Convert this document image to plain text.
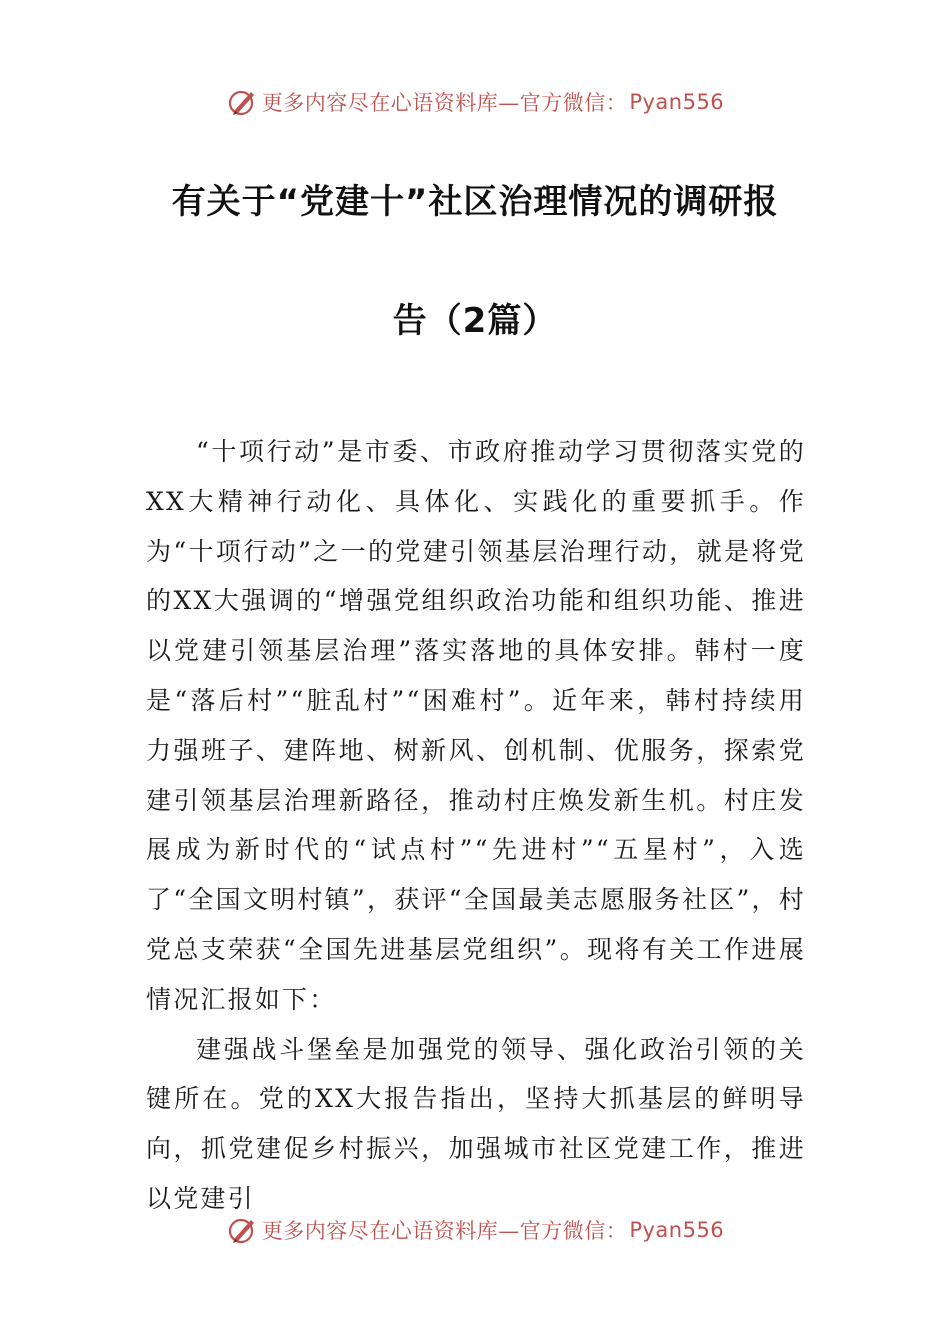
更多内容尽在心语资料库—官方微信： Pyan556
有关于“党建十”社区治理情况的调研报
告（2篇）

“十项行动”是市委、市政府推动学习贯彻落实党的XX大精神行动化、具体化、实践化的重要抓手。作为“十项行动”之一的党建引领基层治理行动，就是将党的XX大强调的“增强党组织政治功能和组织功能、推进以党建引领基层治理”落实落地的具体安排。韩村一度是“落后村”“脏乱村”“困难村”。近年来，韩村持续用力强班子、建阵地、树新风、创机制、优服务，探索党建引领基层治理新路径，推动村庄焕发新生机。村庄发展成为新时代的“试点村”“先进村”“五星村”，入选了“全国文明村镇”，获评“全国最美志愿服务社区”，村党总支荣获“全国先进基层党组织”。现将有关工作进展情况汇报如下：

建强战斗堡垒是加强党的领导、强化政治引领的关键所在。党的XX大报告指出，坚持大抓基层的鲜明导向，抓党建促乡村振兴，加强城市社区党建工作，推进以党建引

更多内容尽在心语资料库—官方微信： Pyan556
